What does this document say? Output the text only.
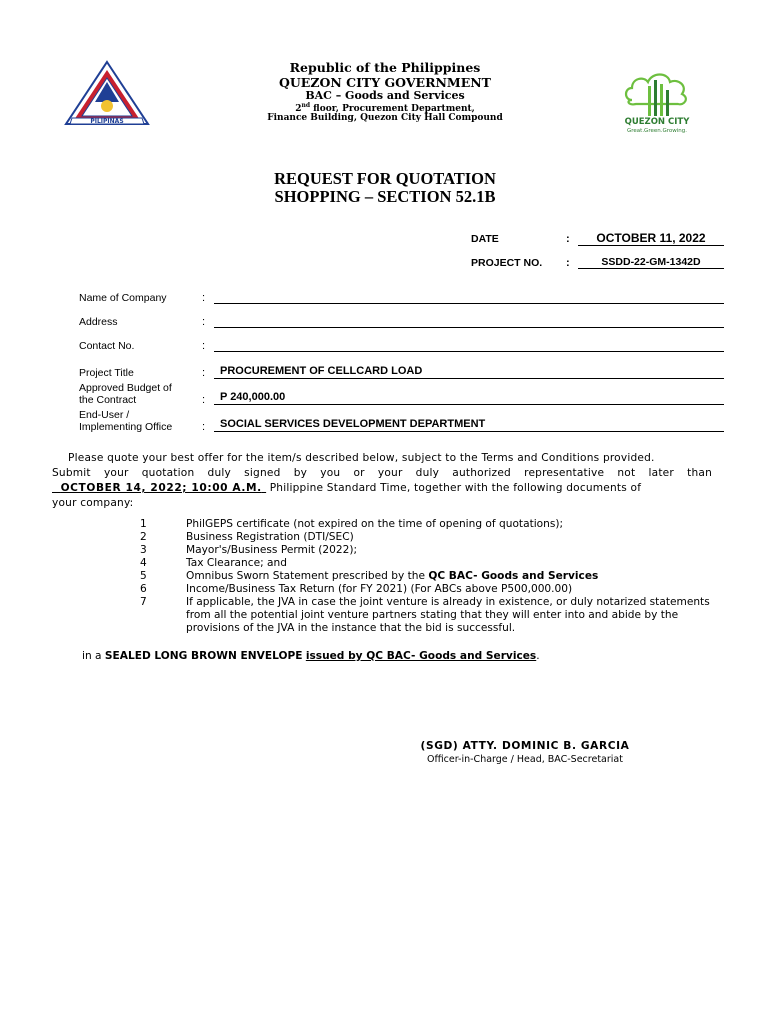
PILIPINAS
Republic of the Philippines
QUEZON CITY GOVERNMENT
BAC – Goods and Services
2nd floor, Procurement Department,
Finance Building, Quezon City Hall Compound	QUEZON CITY
Great.Green.Growing.
REQUEST FOR QUOTATION
SHOPPING – SECTION 52.1B
DATE	:	OCTOBER 11, 2022
PROJECT NO. :	SSDD-22-GM-1342D
Name of Company	:
Address	:
Contact No.	:
Project Title	:	PROCUREMENT OF CELLCARD LOAD
Approved Budget of
the Contract	:	P 240,000.00
End-User /
Implementing Office	:	SOCIAL SERVICES DEVELOPMENT DEPARTMENT
Please quote your best offer for the item/s described below, subject to the Terms and Conditions provided.
Submit your quotation duly signed by you or your duly authorized representative not later than
OCTOBER 14, 2022; 10:00 A.M. Philippine Standard Time, together with the following documents of
your company:
1	PhilGEPS certificate (not expired on the time of opening of quotations);
2	Business Registration (DTI/SEC)
3	Mayor's/Business Permit (2022);
4	Tax Clearance; and
5	Omnibus Sworn Statement prescribed by the QC BAC- Goods and Services
6	Income/Business Tax Return (for FY 2021) (For ABCs above P500,000.00)
7	If applicable, the JVA in case the joint venture is already in existence, or duly notarized statements from all the potential joint venture partners stating that they will enter into and abide by the provisions of the JVA in the instance that the bid is successful.
in a SEALED LONG BROWN ENVELOPE issued by QC BAC- Goods and Services.
(SGD) ATTY. DOMINIC B. GARCIA
Officer-in-Charge / Head, BAC-Secretariat
